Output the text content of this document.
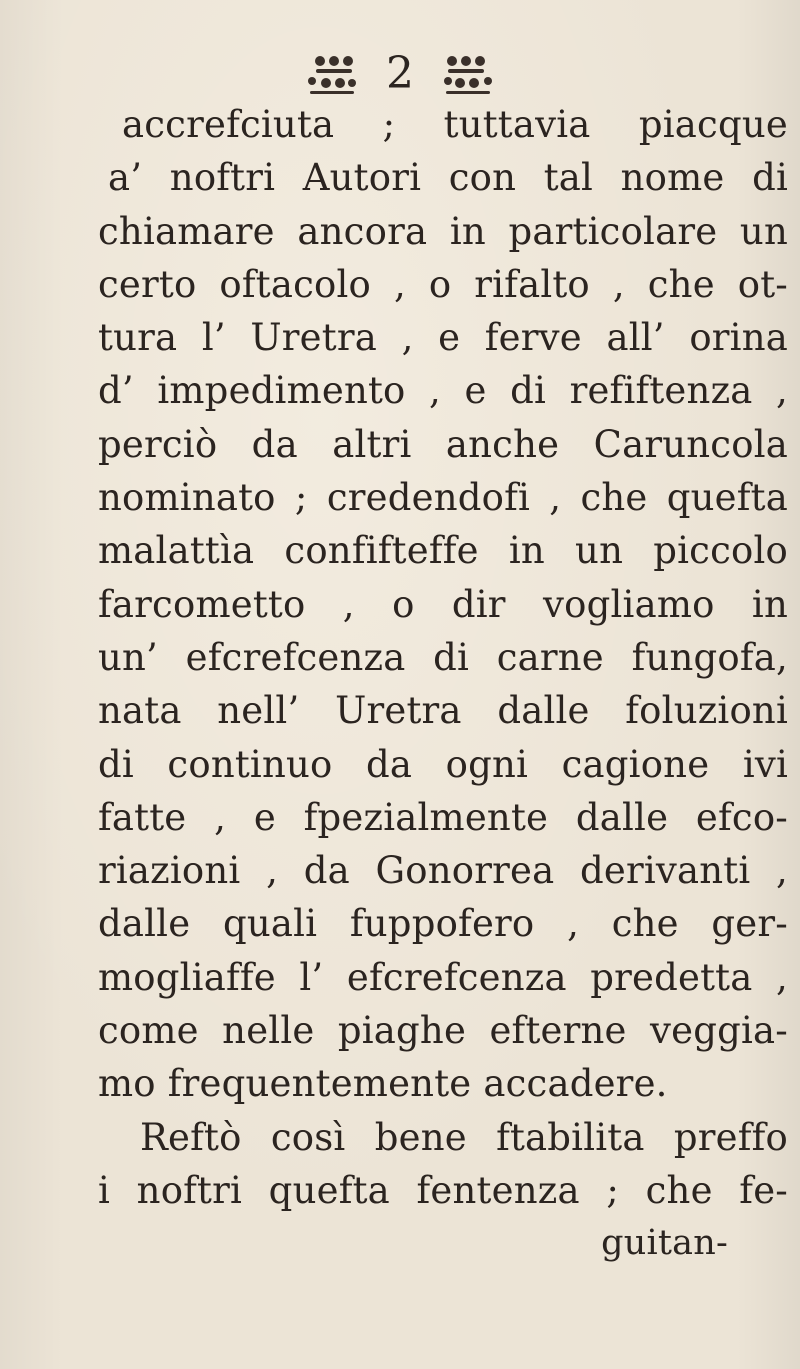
2
accrefciuta ; tuttavia piacque
a’ noftri Autori con tal nome di
chiamare ancora in particolare un
certo oftacolo , o rifalto , che ot-
tura l’ Uretra , e ferve all’ orina
d’ impedimento , e di refiftenza ,
perciò da altri anche Caruncola
nominato ; credendofi , che quefta
malattìa confifteffe in un piccolo
farcometto , o dir vogliamo in
un’ efcrefcenza di carne fungofa,
nata nell’ Uretra dalle foluzioni
di continuo da ogni cagione ivi
fatte , e fpezialmente dalle efco-
riazioni , da Gonorrea derivanti ,
dalle quali fuppofero , che ger-
mogliaffe l’ efcrefcenza predetta ,
come nelle piaghe efterne veggia-
mo frequentemente accadere.
Reftò così bene ftabilita preffo
i noftri quefta fentenza ; che fe-
guitan-
